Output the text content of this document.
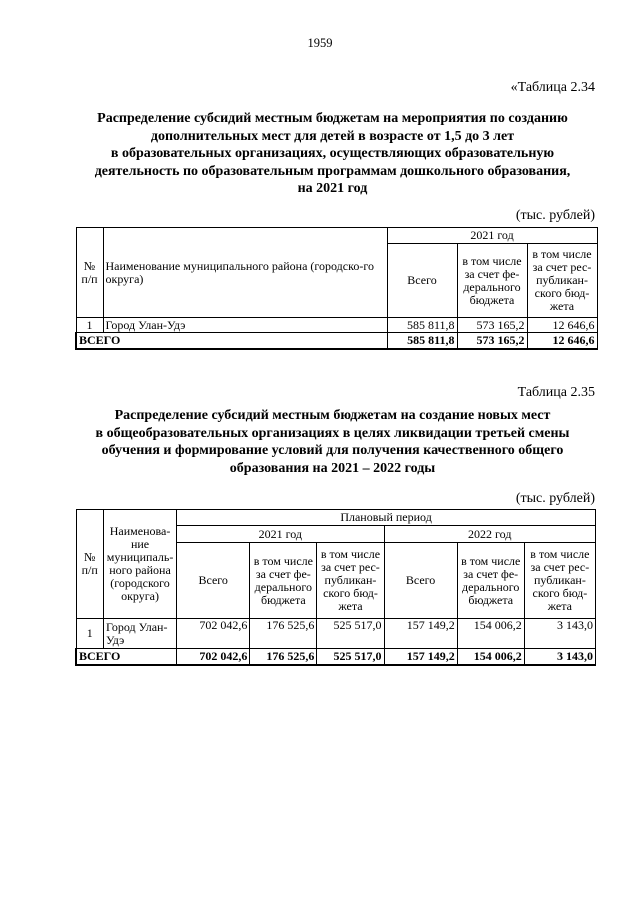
1959
«Таблица 2.34
Распределение субсидий местным бюджетам на мероприятия по созданию
дополнительных мест для детей в возрасте от 1,5 до 3 лет
в образовательных организациях, осуществляющих образовательную
деятельность по образовательным программам дошкольного образования,
на 2021 год
(тыс. рублей)
№ п/п	Наименование муниципального района (городско-го округа)	2021 год		
		Всего	в том числе за счет фе-дерального бюджета	в том числе за счет рес-публикан-ского бюд-жета
1	Город Улан-Удэ	585 811,8	573 165,2	12 646,6
ВСЕГО		585 811,8	573 165,2	12 646,6
Таблица 2.35
Распределение субсидий местным бюджетам на создание новых мест
в общеобразовательных организациях в целях ликвидации третьей смены
обучения и формирование условий для получения качественного общего
образования на 2021 – 2022 годы
(тыс. рублей)
№ п/п	Наименова-ние муниципаль-ного района (городского округа)	Плановый период					
		2021 год			2022 год		
		Всего	в том числе за счет фе-дерального бюджета	в том числе за счет рес-публикан-ского бюд-жета	Всего	в том числе за счет фе-дерального бюджета	в том числе за счет рес-публикан-ского бюд-жета
1	Город Улан-Удэ	702 042,6	176 525,6	525 517,0	157 149,2	154 006,2	3 143,0
ВСЕГО		702 042,6	176 525,6	525 517,0	157 149,2	154 006,2	3 143,0
